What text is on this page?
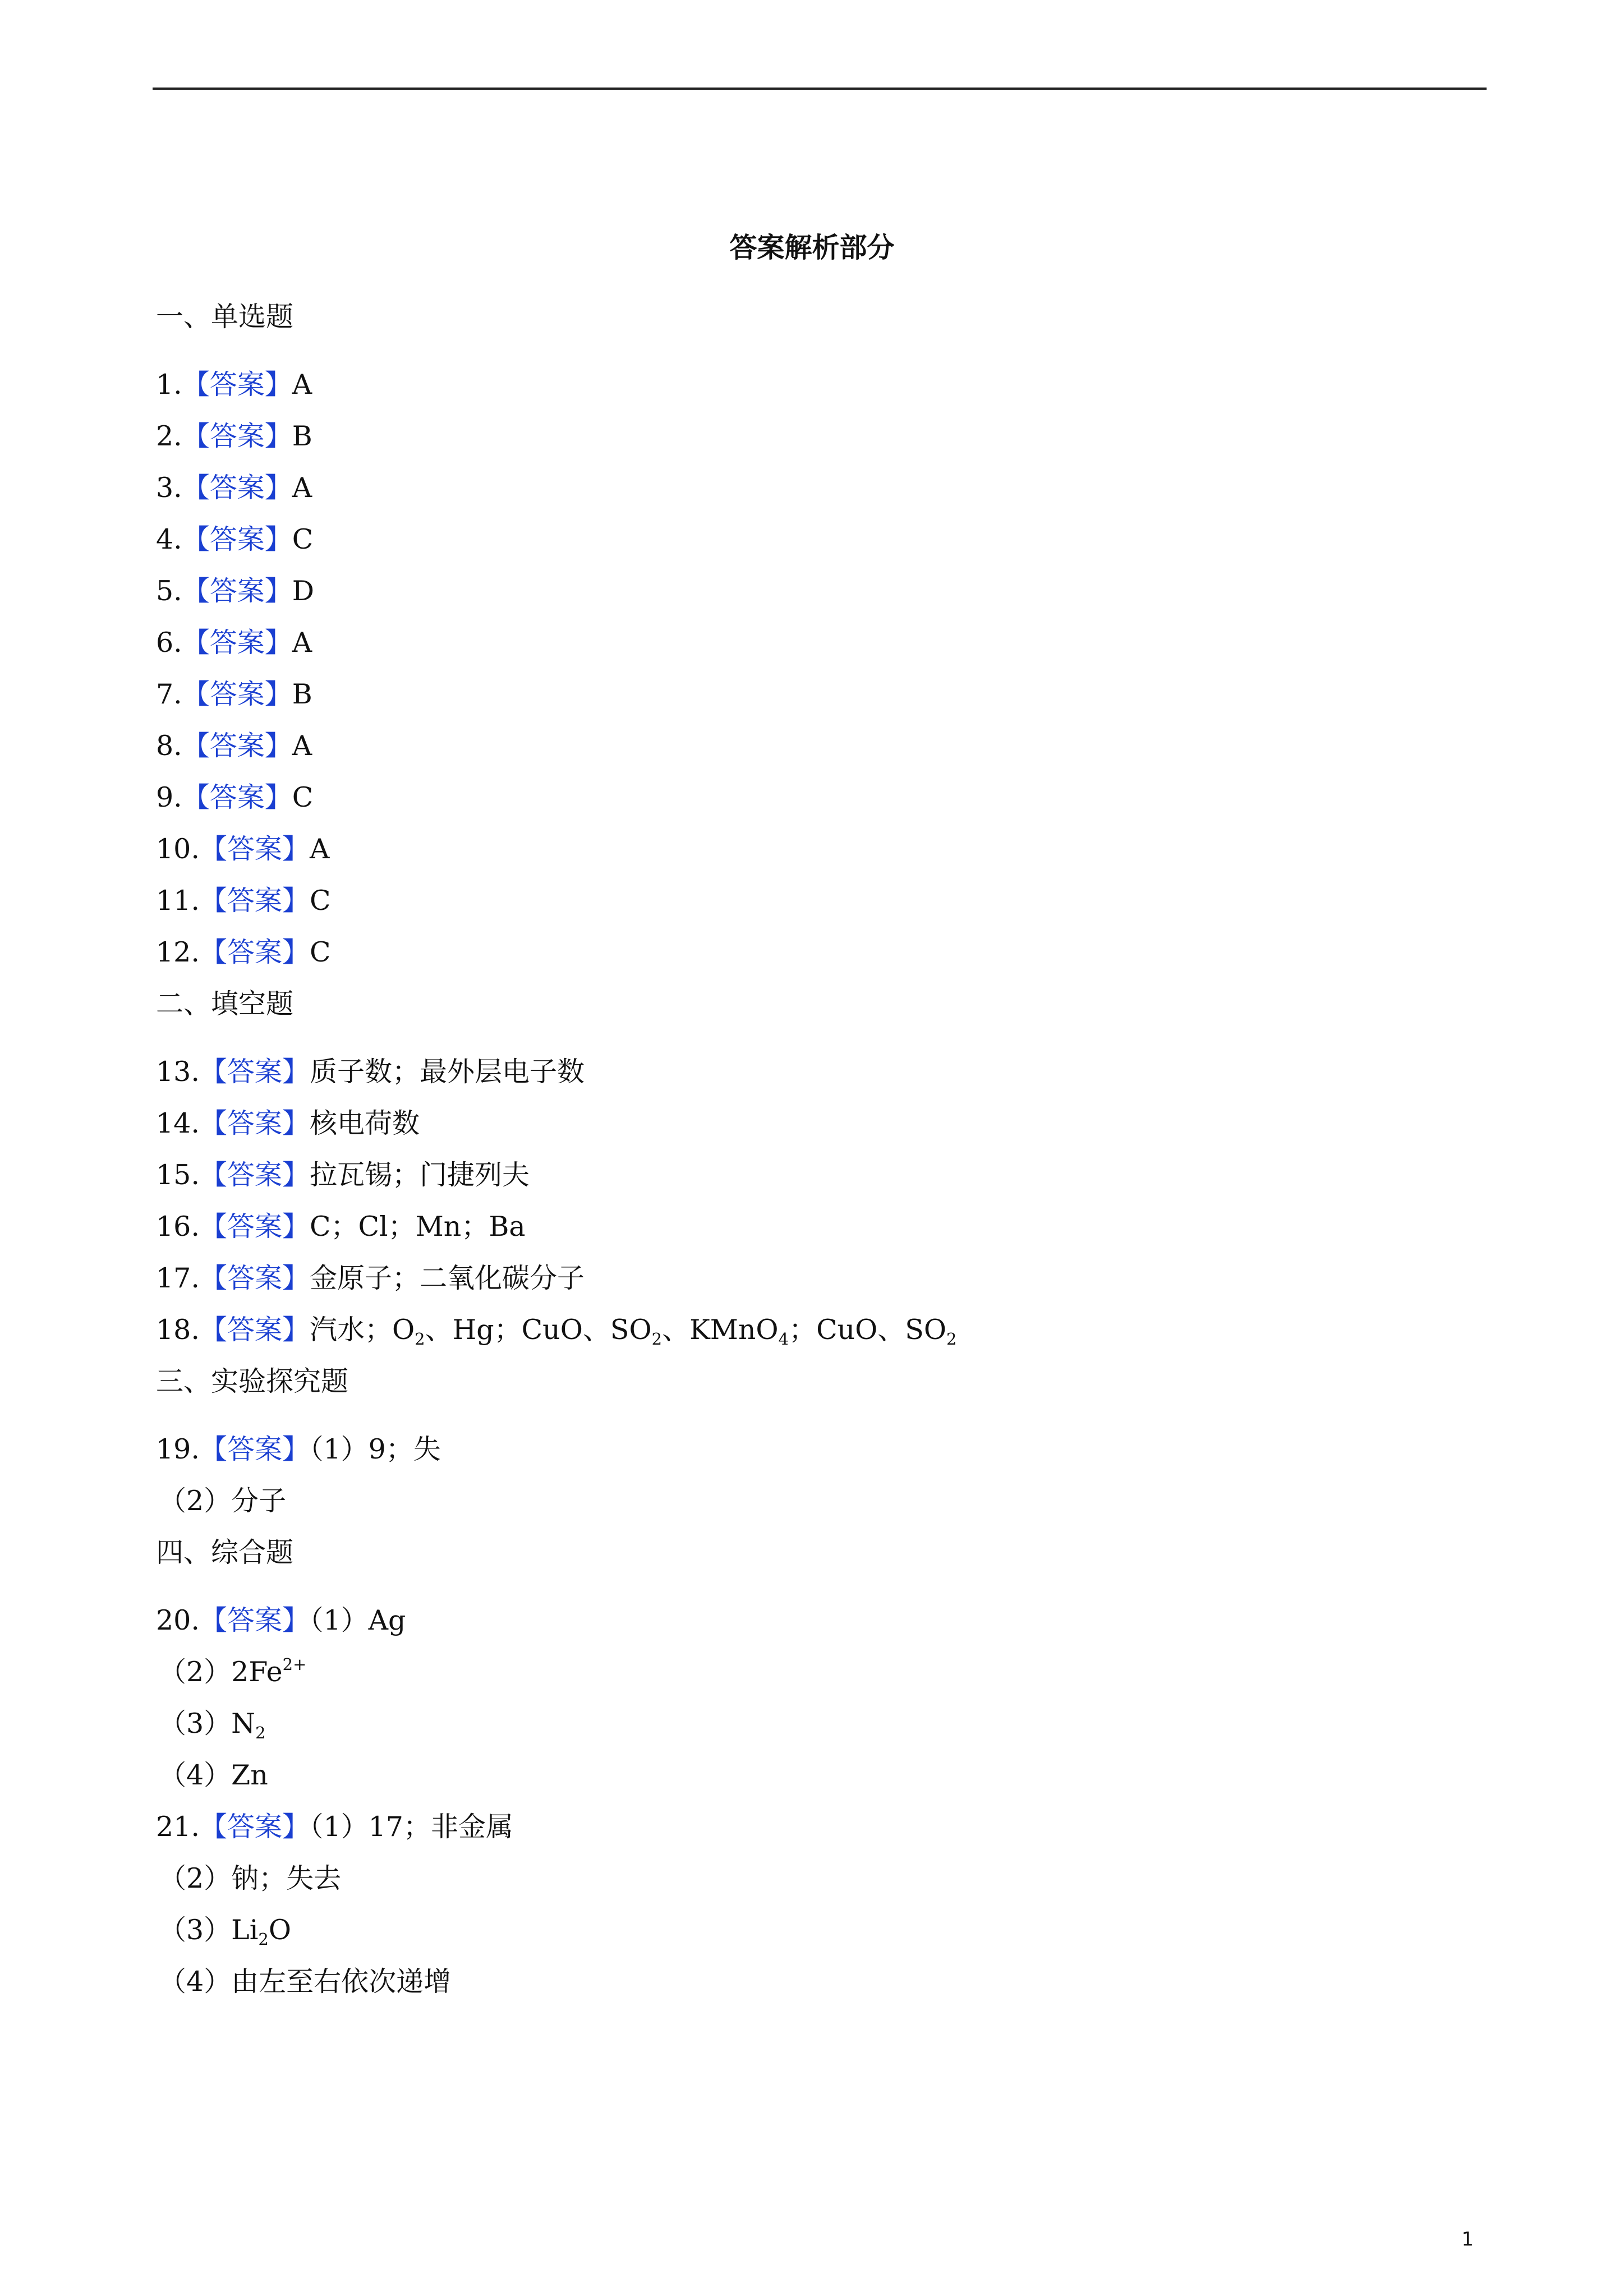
答案解析部分
一、单选题
1.【答案】A
2.【答案】B
3.【答案】A
4.【答案】C
5.【答案】D
6.【答案】A
7.【答案】B
8.【答案】A
9.【答案】C
10.【答案】A
11.【答案】C
12.【答案】C
二、填空题
13.【答案】质子数；最外层电子数
14.【答案】核电荷数
15.【答案】拉瓦锡；门捷列夫
16.【答案】C；Cl；Mn；Ba
17.【答案】金原子；二氧化碳分子
18.【答案】汽水；$O_2$、Hg；CuO、$SO_2$、KMnO$_4$；CuO、$SO_2$
三、实验探究题
19.【答案】（1）9；失
（2）分子
四、综合题
20.【答案】（1）Ag
$(2)2Fe^{2+}$
$(3)N_2$
（4）Zn
21.【答案】（1）17；非金属
（2）钠；失去
$(3)Li_2O$
（4）由左至右依次递增
1
